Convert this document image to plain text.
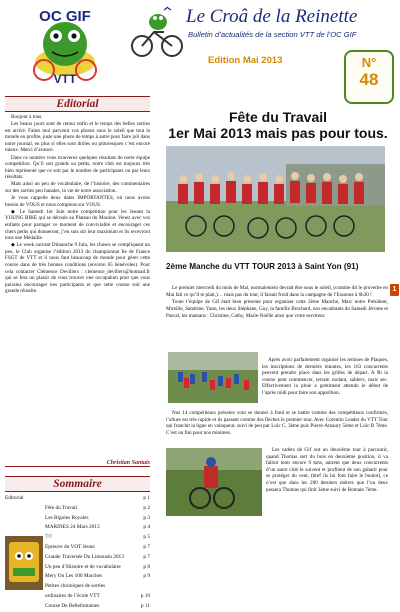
OC GIF
VTT
Le Croâ de la Reinette
Bulletin d’actualités de la section VTT de l’OC GIF
Edition Mai 2013	N°
48
Editorial

Bonjour à tous.

Les beaux jours sont de retour enfin et le temps des belles sorties est arrivé. Faites moi parvenir vos photos sous le soleil que tout le monde en profite, juste une photo de temps à autre pour faire joli dans notre journal, en plus si elles sont drôles ou pittoresques c’est encore mieux. Merci d’avance.

Dans ce numéro vous trouverez quelques résultats de notre équipe compétition. Qu’il soit grands ou petits, notre club est toujours très bien représenté que ce soit par le nombre de participants ou par leurs résultats.

Mais ainsi un peu de vocabulaire, de l’histoire, des commentaires sur des sorties peu banales, la vie de notre association.

Je vous rappelle deux dates IMPORTANTES, où nous avons besoin de VOUS et nous comptons sur VOUS.

◆ Le Samedi 1er Juin notre compétition pour les Jeunes la YOUNG BIKE qui se déroule au Plateau du Moulon. Venez avec vos enfants pour partager ce moment de convivialité et encourager ces chers petits qui donneront, j’en suis sûr leur maximum et ils recevront tous une Médaille.

◆ Le week suivant Dimanche 9 Juin, les choses se compliquent un peu, le Club organise l’édition 2013 du championnat Ile de France FSGT de VTT et il nous faut beaucoup de monde pour gérer cette course dans de très bonnes conditions (environ 65 bénévoles). Pour cela contacter Clémence Devillers : clemence_devillers@hotmail.fr qui se fera un plaisir de vous trouver une occupation pour que vous puissiez encourager nos participants et que cette course soit une grande réussite.

Christian Santais
Sommaire
Editorial	p 1
Fête du Travail	p 2
Les Rigoles Royales	p 3
MARINES 24 Mars 2013	p 4
7/7	p 5
Epreuve du VOT Jeune	p 7
Grande Traversée Du Limousin 2013	p 7
Un peu d’Histoire et de vocabulaire	p 8
Mery Ou Les 100 Marches	p 9
Petites chroniques de sorties
ordinaires de l’école VTT	p 10
Course De Bellefontaines	p 11
Fête du Travail
1er Mai 2013 mais pas pour tous.
2ème Manche du VTT TOUR 2013 à Saint Yon (91)

Le premier mercredi du mois de Mai, normalement devrait être sous le soleil, (comme dit le proverbe en Mai fait ce qu’il te plait,)… mais pas du tout, il faisait froid dans la campagne de l’Essonne à 6h30 !

Toute l’équipe de Gif était bien présente pour organiser cette 2ème Manche, Marc notre Président, Mireille, Sandrine, Yann, les deux Stéphane, Guy, la famille Brochard, nos encadrants du Samedi Jérome et Pascal, les mamans : Christine, Cathy, Marie-Noëlle ainsi que votre serviteur.

Après avoir parfaitement organisé les remises de Plaques, les inscriptions de dernière minutes, les 163 concurrents peuvent prendre place dans les grilles de départ. A 9h la course peut commencer, terrain roulant, sablerx, mais sec. Effectivement la pluie a gentiment attendu le début de l’après midi pour faire son apparition.

Nos 14 compétiteurs présents vont se donner à fond et se battre comme des compétiteurs confirmés, l’allure est très rapide et ils passent comme des flèches le premier tour. Avec Corentin Leader du VTT Tour qui franchit la ligne en vainqueur, suivi de peu par Loïc C, 3ème puis Pierre-Amaury 5ème et Loïc B 7ème. C’est un fini pour nos minimes.

Les cadets de Gif ont un deuxième tour à parcourir, quand Thomas sort du bois en deuxième position, il va falloir tenir encore 9 kms, autrent que deux concurrents d’un autre club le suivent et profitent de son gabarit pour se protéger du vent, (bref ils lui font faire le boulot), ce n’est que dans les 200 derniers mètres que l’un deux passera Thomas qui finit 3ème suivi de Romain 7ème.

1
